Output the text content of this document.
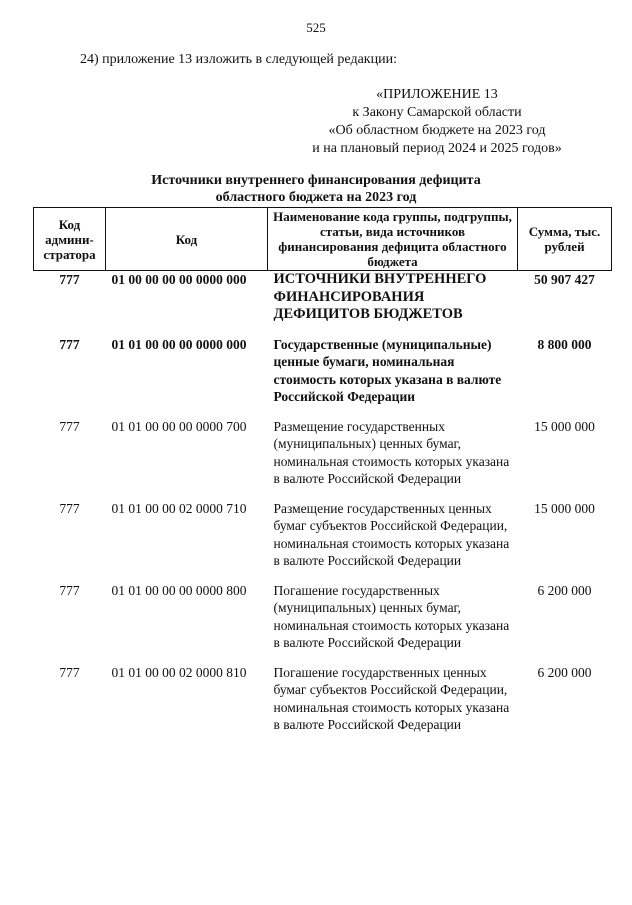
525
24) приложение 13 изложить в следующей редакции:
«ПРИЛОЖЕНИЕ 13
к Закону Самарской области
«Об областном бюджете на 2023 год
и на плановый период 2024 и 2025 годов»
Источники внутреннего финансирования дефицита
областного бюджета на 2023 год
Код админи-стратора	Код	Наименование кода группы, подгруппы, статьи, вида источников финансирования дефицита областного бюджета	Сумма, тыс. рублей
777	01 00 00 00 00 0000 000	ИСТОЧНИКИ ВНУТРЕННЕГО ФИНАНСИРОВАНИЯ ДЕФИЦИТОВ БЮДЖЕТОВ	50 907 427
777	01 01 00 00 00 0000 000	Государственные (муниципальные) ценные бумаги, номинальная стоимость которых указана в валюте Российской Федерации	8 800 000
777	01 01 00 00 00 0000 700	Размещение государственных (муниципальных) ценных бумаг, номинальная стоимость которых указана в валюте Российской Федерации	15 000 000
777	01 01 00 00 02 0000 710	Размещение государственных ценных бумаг субъектов Российской Федерации, номинальная стоимость которых указана в валюте Российской Федерации	15 000 000
777	01 01 00 00 00 0000 800	Погашение государственных (муниципальных) ценных бумаг, номинальная стоимость которых указана в валюте Российской Федерации	6 200 000
777	01 01 00 00 02 0000 810	Погашение государственных ценных бумаг субъектов Российской Федерации, номинальная стоимость которых указана в валюте Российской Федерации	6 200 000
